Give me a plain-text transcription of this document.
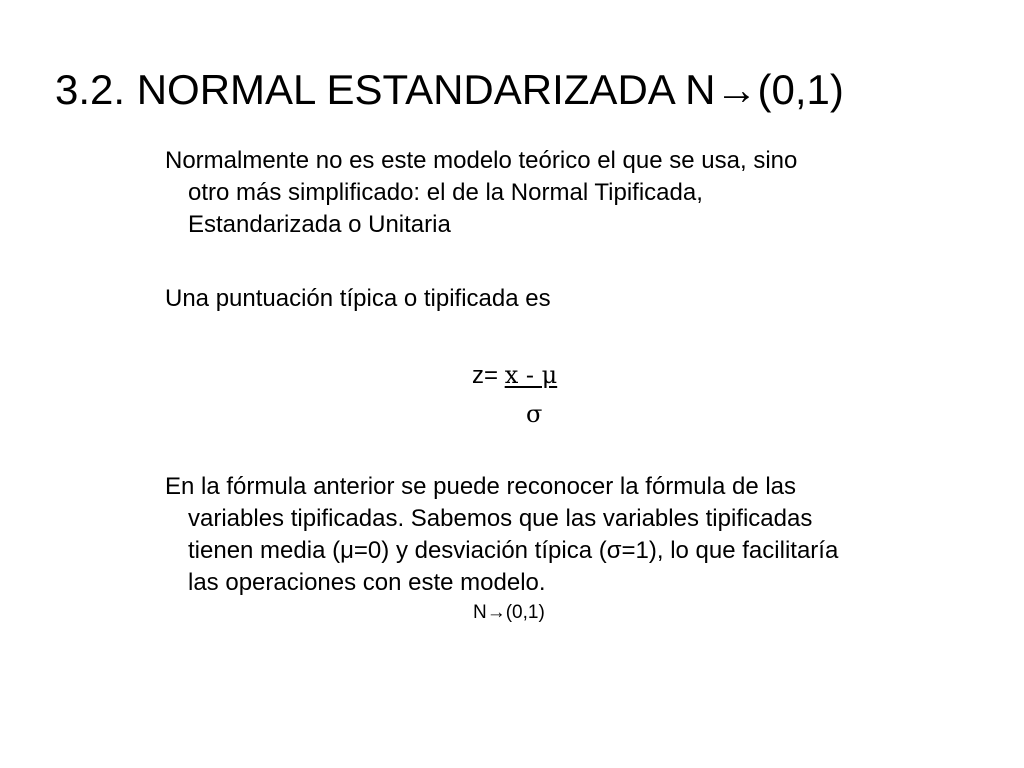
3.2. NORMAL ESTANDARIZADA N→(0,1)
Normalmente no es este modelo teórico el que se usa, sino
otro más simplificado: el de la Normal Tipificada,
Estandarizada o Unitaria
Una puntuación típica o tipificada es
z= x - μ
σ
En la fórmula anterior se puede reconocer la fórmula de las
variables tipificadas. Sabemos que las variables tipificadas
tienen media (μ=0) y desviación típica (σ=1), lo que facilitaría
las operaciones con este modelo.
N→(0,1)
